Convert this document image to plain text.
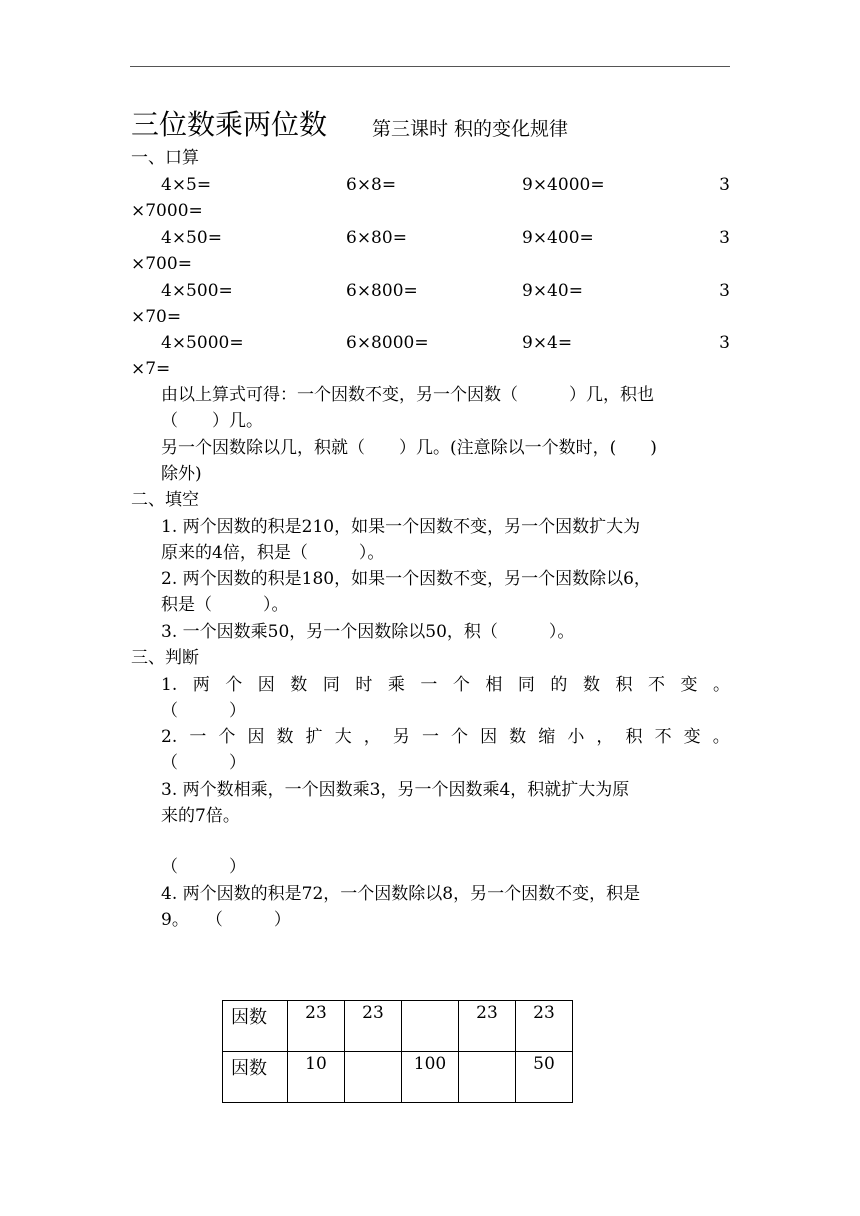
三位数乘两位数 第三课时 积的变化规律
一、口算
4×5=	6×8=	9×4000=	3
×7000=
4×50=	6×80=	9×400=	3
×700=
4×500=	6×800=	9×40=	3
×70=
4×5000=	6×8000=	9×4=	3
×7=
由以上算式可得：一个因数不变，另一个因数（　　　）几，积也
（　　）几。
另一个因数除以几，积就（　　）几。(注意除以一个数时，(　　)
除外)
二、填空
1. 两个因数的积是210，如果一个因数不变，另一个因数扩大为
原来的4倍，积是（　　　）。
2. 两个因数的积是180，如果一个因数不变，另一个因数除以6，
积是（　　　）。
3. 一个因数乘50，另一个因数除以50，积（　　　）。
三、判断
1. 两 个 因 数 同 时 乘 一 个 相 同 的 数 积 不 变 。
（　　　）
2. 一 个 因 数 扩 大 ， 另 一 个 因 数 缩 小 ， 积 不 变 。
（　　　）
3. 两个数相乘，一个因数乘3，另一个因数乘4，积就扩大为原
来的7倍。
（　　　）
4. 两个因数的积是72，一个因数除以8，另一个因数不变，积是
9。　　（　　　）
因数	23	23		23	23
因数	10		100		50
